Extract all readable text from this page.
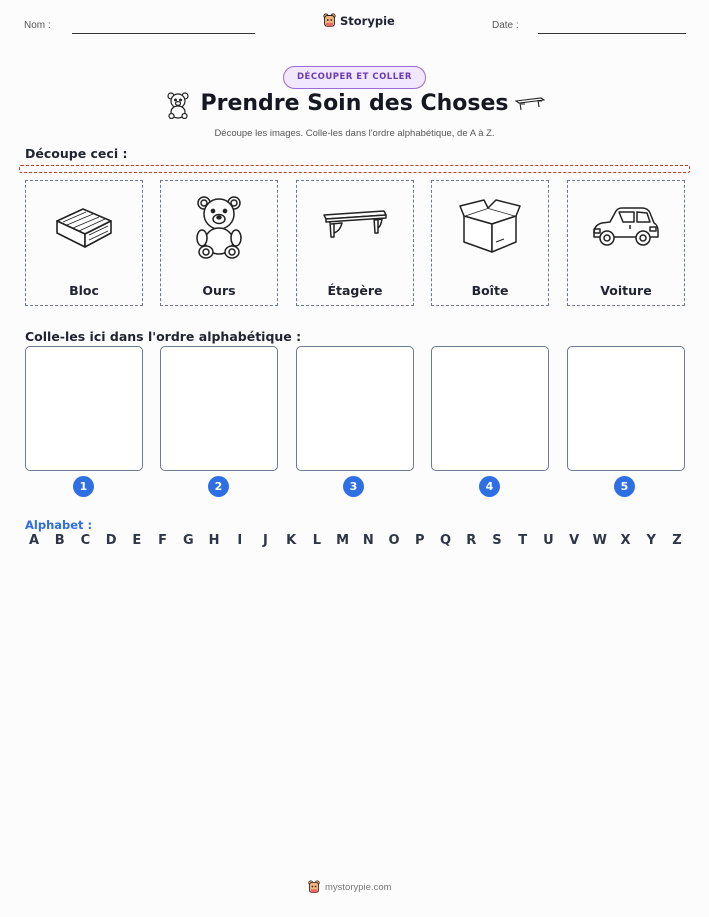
Nom :	Date :
Storypie
DÉCOUPER ET COLLER
Prendre Soin des Choses
Découpe les images. Colle-les dans l'ordre alphabétique, de A à Z.
Découpe ceci :
Bloc	Ours	Étagère	Boîte	Voiture
Colle-les ici dans l'ordre alphabétique :
1	2	3	4	5
Alphabet :
A	B	C	D	E	F	G	H	I	J	K	L	M	N	O	P	Q	R	S	T	U	V	W	X	Y	Z
mystorypie.com
